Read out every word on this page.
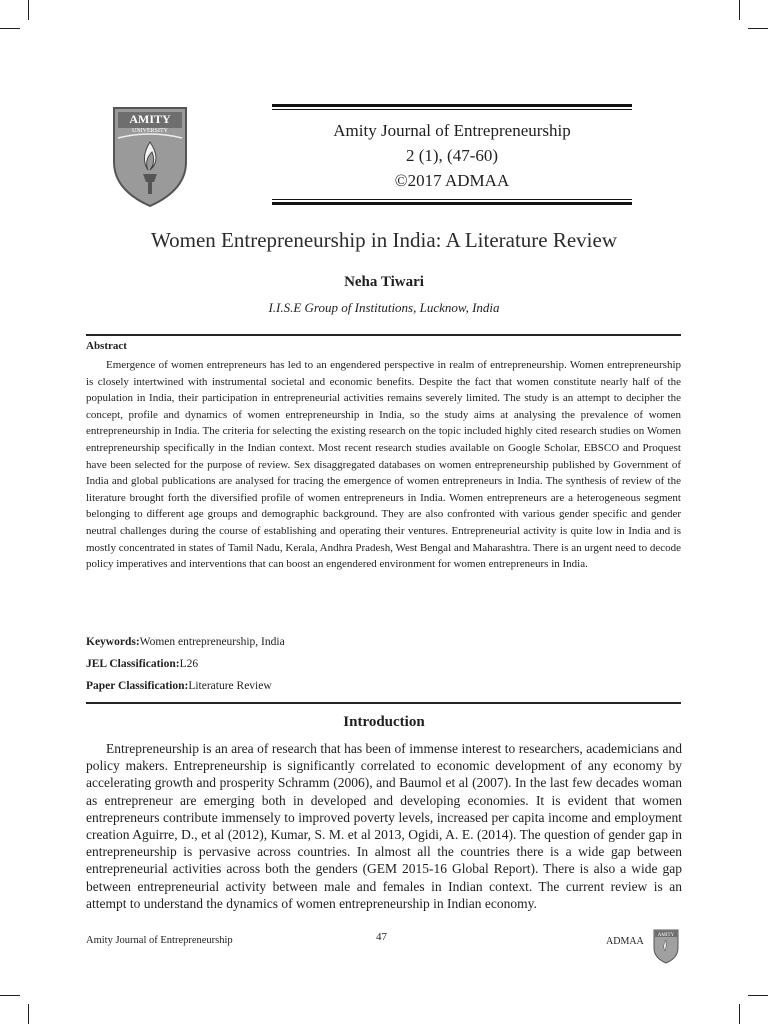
AMITY
UNIVERSITY	Amity Journal of Entrepreneurship
2 (1), (47-60)
©2017 ADMAA
Women Entrepreneurship in India: A Literature Review
Neha Tiwari
I.I.S.E Group of Institutions, Lucknow, India
Abstract
Emergence of women entrepreneurs has led to an engendered perspective in realm of entrepreneurship. Women entrepreneurship is closely intertwined with instrumental societal and economic benefits. Despite the fact that women constitute nearly half of the population in India, their participation in entrepreneurial activities remains severely limited. The study is an attempt to decipher the concept, profile and dynamics of women entrepreneurship in India, so the study aims at analysing the prevalence of women entrepreneurship in India. The criteria for selecting the existing research on the topic included highly cited research studies on Women entrepreneurship specifically in the Indian context. Most recent research studies available on Google Scholar, EBSCO and Proquest have been selected for the purpose of review. Sex disaggregated databases on women entrepreneurship published by Government of India and global publications are analysed for tracing the emergence of women entrepreneurs in India. The synthesis of review of the literature brought forth the diversified profile of women entrepreneurs in India. Women entrepreneurs are a heterogeneous segment belonging to different age groups and demographic background. They are also confronted with various gender specific and gender neutral challenges during the course of establishing and operating their ventures. Entrepreneurial activity is quite low in India and is mostly concentrated in states of Tamil Nadu, Kerala, Andhra Pradesh, West Bengal and Maharashtra. There is an urgent need to decode policy imperatives and interventions that can boost an engendered environment for women entrepreneurs in India.
Keywords:Women entrepreneurship, India
JEL Classification:L26
Paper Classification:Literature Review
Introduction
Entrepreneurship is an area of research that has been of immense interest to researchers, academicians and policy makers. Entrepreneurship is significantly correlated to economic development of any economy by accelerating growth and prosperity Schramm (2006), and Baumol et al (2007). In the last few decades woman as entrepreneur are emerging both in developed and developing economies. It is evident that women entrepreneurs contribute immensely to improved poverty levels, increased per capita income and employment creation Aguirre, D., et al (2012), Kumar, S. M. et al 2013, Ogidi, A. E. (2014). The question of gender gap in entrepreneurship is pervasive across countries. In almost all the countries there is a wide gap between entrepreneurial activities across both the genders (GEM 2015-16 Global Report). There is also a wide gap between entrepreneurial activity between male and females in Indian context. The current review is an attempt to understand the dynamics of women entrepreneurship in Indian economy.
Amity Journal of Entrepreneurship	47	ADMAA
AMITY
